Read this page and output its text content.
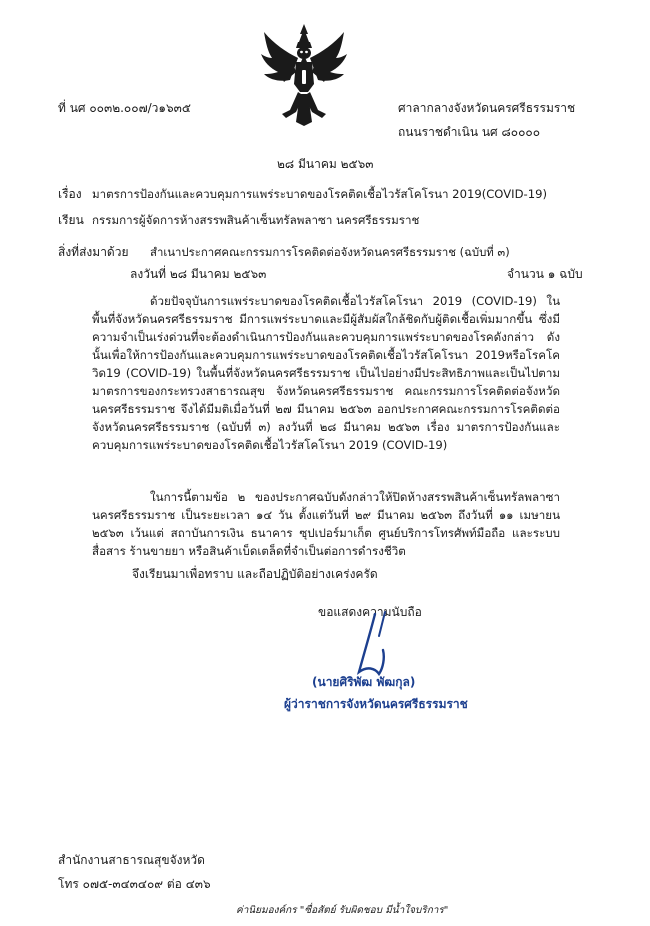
ที่ นศ ๐๐๓๒.๐๐๗/ว๑๖๓๕	ศาลากลางจังหวัดนครศรีธรรมราช
ถนนราชดำเนิน นศ ๘๐๐๐๐
๒๘ มีนาคม ๒๕๖๓
เรื่อง มาตรการป้องกันและควบคุมการแพร่ระบาดของโรคติดเชื้อไวรัสโคโรนา 2019(COVID-19)
เรียน กรรมการผู้จัดการห้างสรรพสินค้าเซ็นทรัลพลาซา นครศรีธรรมราช
สิ่งที่ส่งมาด้วย สำเนาประกาศคณะกรรมการโรคติดต่อจังหวัดนครศรีธรรมราช (ฉบับที่ ๓)
ลงวันที่ ๒๘ มีนาคม ๒๕๖๓	จำนวน ๑ ฉบับ
ด้วยปัจจุบันการแพร่ระบาดของโรคติดเชื้อไวรัสโคโรนา 2019 (COVID-19) ในพื้นที่จังหวัดนครศรีธรรมราช มีการแพร่ระบาดและมีผู้สัมผัสใกล้ชิดกับผู้ติดเชื้อเพิ่มมากขึ้น ซึ่งมีความจำเป็นเร่งด่วนที่จะต้องดำเนินการป้องกันและควบคุมการแพร่ระบาดของโรคดังกล่าว ดังนั้นเพื่อให้การป้องกันและควบคุมการแพร่ระบาดของโรคติดเชื้อไวรัสโคโรนา 2019หรือโรคโควิด19 (COVID-19) ในพื้นที่จังหวัดนครศรีธรรมราช เป็นไปอย่างมีประสิทธิภาพและเป็นไปตามมาตรการของกระทรวงสาธารณสุข จังหวัดนครศรีธรรมราช คณะกรรมการโรคติดต่อจังหวัดนครศรีธรรมราช จึงได้มีมติเมื่อวันที่ ๒๗ มีนาคม ๒๕๖๓ ออกประกาศคณะกรรมการโรคติดต่อจังหวัดนครศรีธรรมราช (ฉบับที่ ๓) ลงวันที่ ๒๘ มีนาคม ๒๕๖๓ เรื่อง มาตรการป้องกันและควบคุมการแพร่ระบาดของโรคติดเชื้อไวรัสโคโรนา 2019 (COVID-19)
ในการนี้ตามข้อ ๒ ของประกาศฉบับดังกล่าวให้ปิดห้างสรรพสินค้าเซ็นทรัลพลาซา นครศรีธรรมราช เป็นระยะเวลา ๑๔ วัน ตั้งแต่วันที่ ๒๙ มีนาคม ๒๕๖๓ ถึงวันที่ ๑๑ เมษายน ๒๕๖๓ เว้นแต่ สถาบันการเงิน ธนาคาร ซุปเปอร์มาเก็ต ศูนย์บริการโทรศัพท์มือถือ และระบบสื่อสาร ร้านขายยา หรือสินค้าเบ็ดเตล็ดที่จำเป็นต่อการดำรงชีวิต
จึงเรียนมาเพื่อทราบ และถือปฏิบัติอย่างเคร่งครัด
ขอแสดงความนับถือ
(นายศิริพัฒ พัฒกุล)
ผู้ว่าราชการจังหวัดนครศรีธรรมราช
สำนักงานสาธารณสุขจังหวัด
โทร ๐๗๕-๓๔๓๔๐๙ ต่อ ๔๓๖
ค่านิยมองค์กร "ซื่อสัตย์ รับผิดชอบ มีน้ำใจบริการ"
